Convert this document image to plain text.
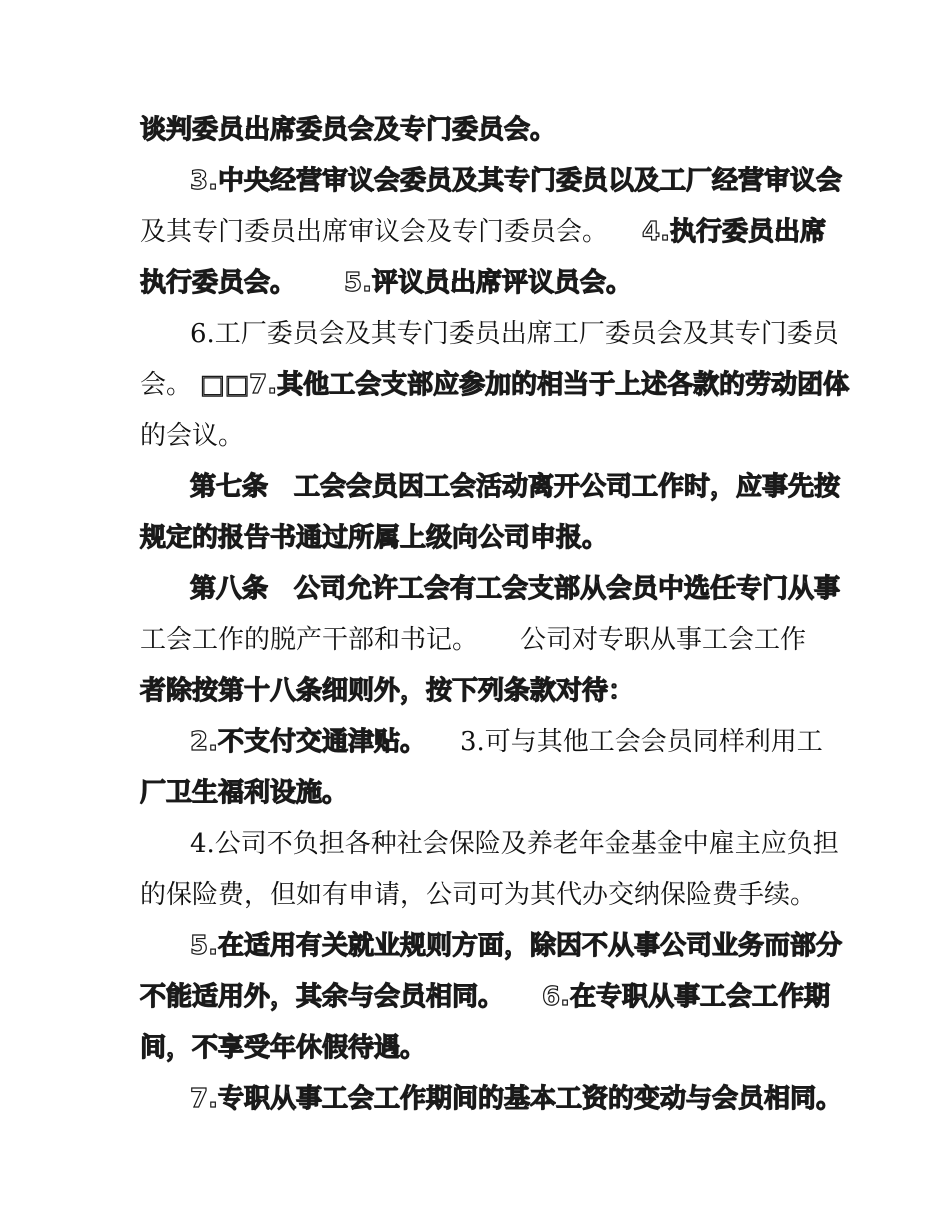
谈判委员出席委员会及专门委员会。
3.中央经营审议会委员及其专门委员以及工厂经营审议会
及其专门委员出席审议会及专门委员会。 4.执行委员出席
执行委员会。 5.评议员出席评议员会。
6.工厂委员会及其专门委员出席工厂委员会及其专门委员
会。 □□7.其他工会支部应参加的相当于上述各款的劳动团体
的会议。
第七条　工会会员因工会活动离开公司工作时，应事先按
规定的报告书通过所属上级向公司申报。
第八条　公司允许工会有工会支部从会员中选任专门从事
工会工作的脱产干部和书记。 公司对专职从事工会工作
者除按第十八条细则外，按下列条款对待：
2.不支付交通津贴。 3.可与其他工会会员同样利用工
厂卫生福利设施。
4.公司不负担各种社会保险及养老年金基金中雇主应负担
的保险费，但如有申请，公司可为其代办交纳保险费手续。
5.在适用有关就业规则方面，除因不从事公司业务而部分
不能适用外，其余与会员相同。 6.在专职从事工会工作期
间，不享受年休假待遇。
7.专职从事工会工作期间的基本工资的变动与会员相同。
